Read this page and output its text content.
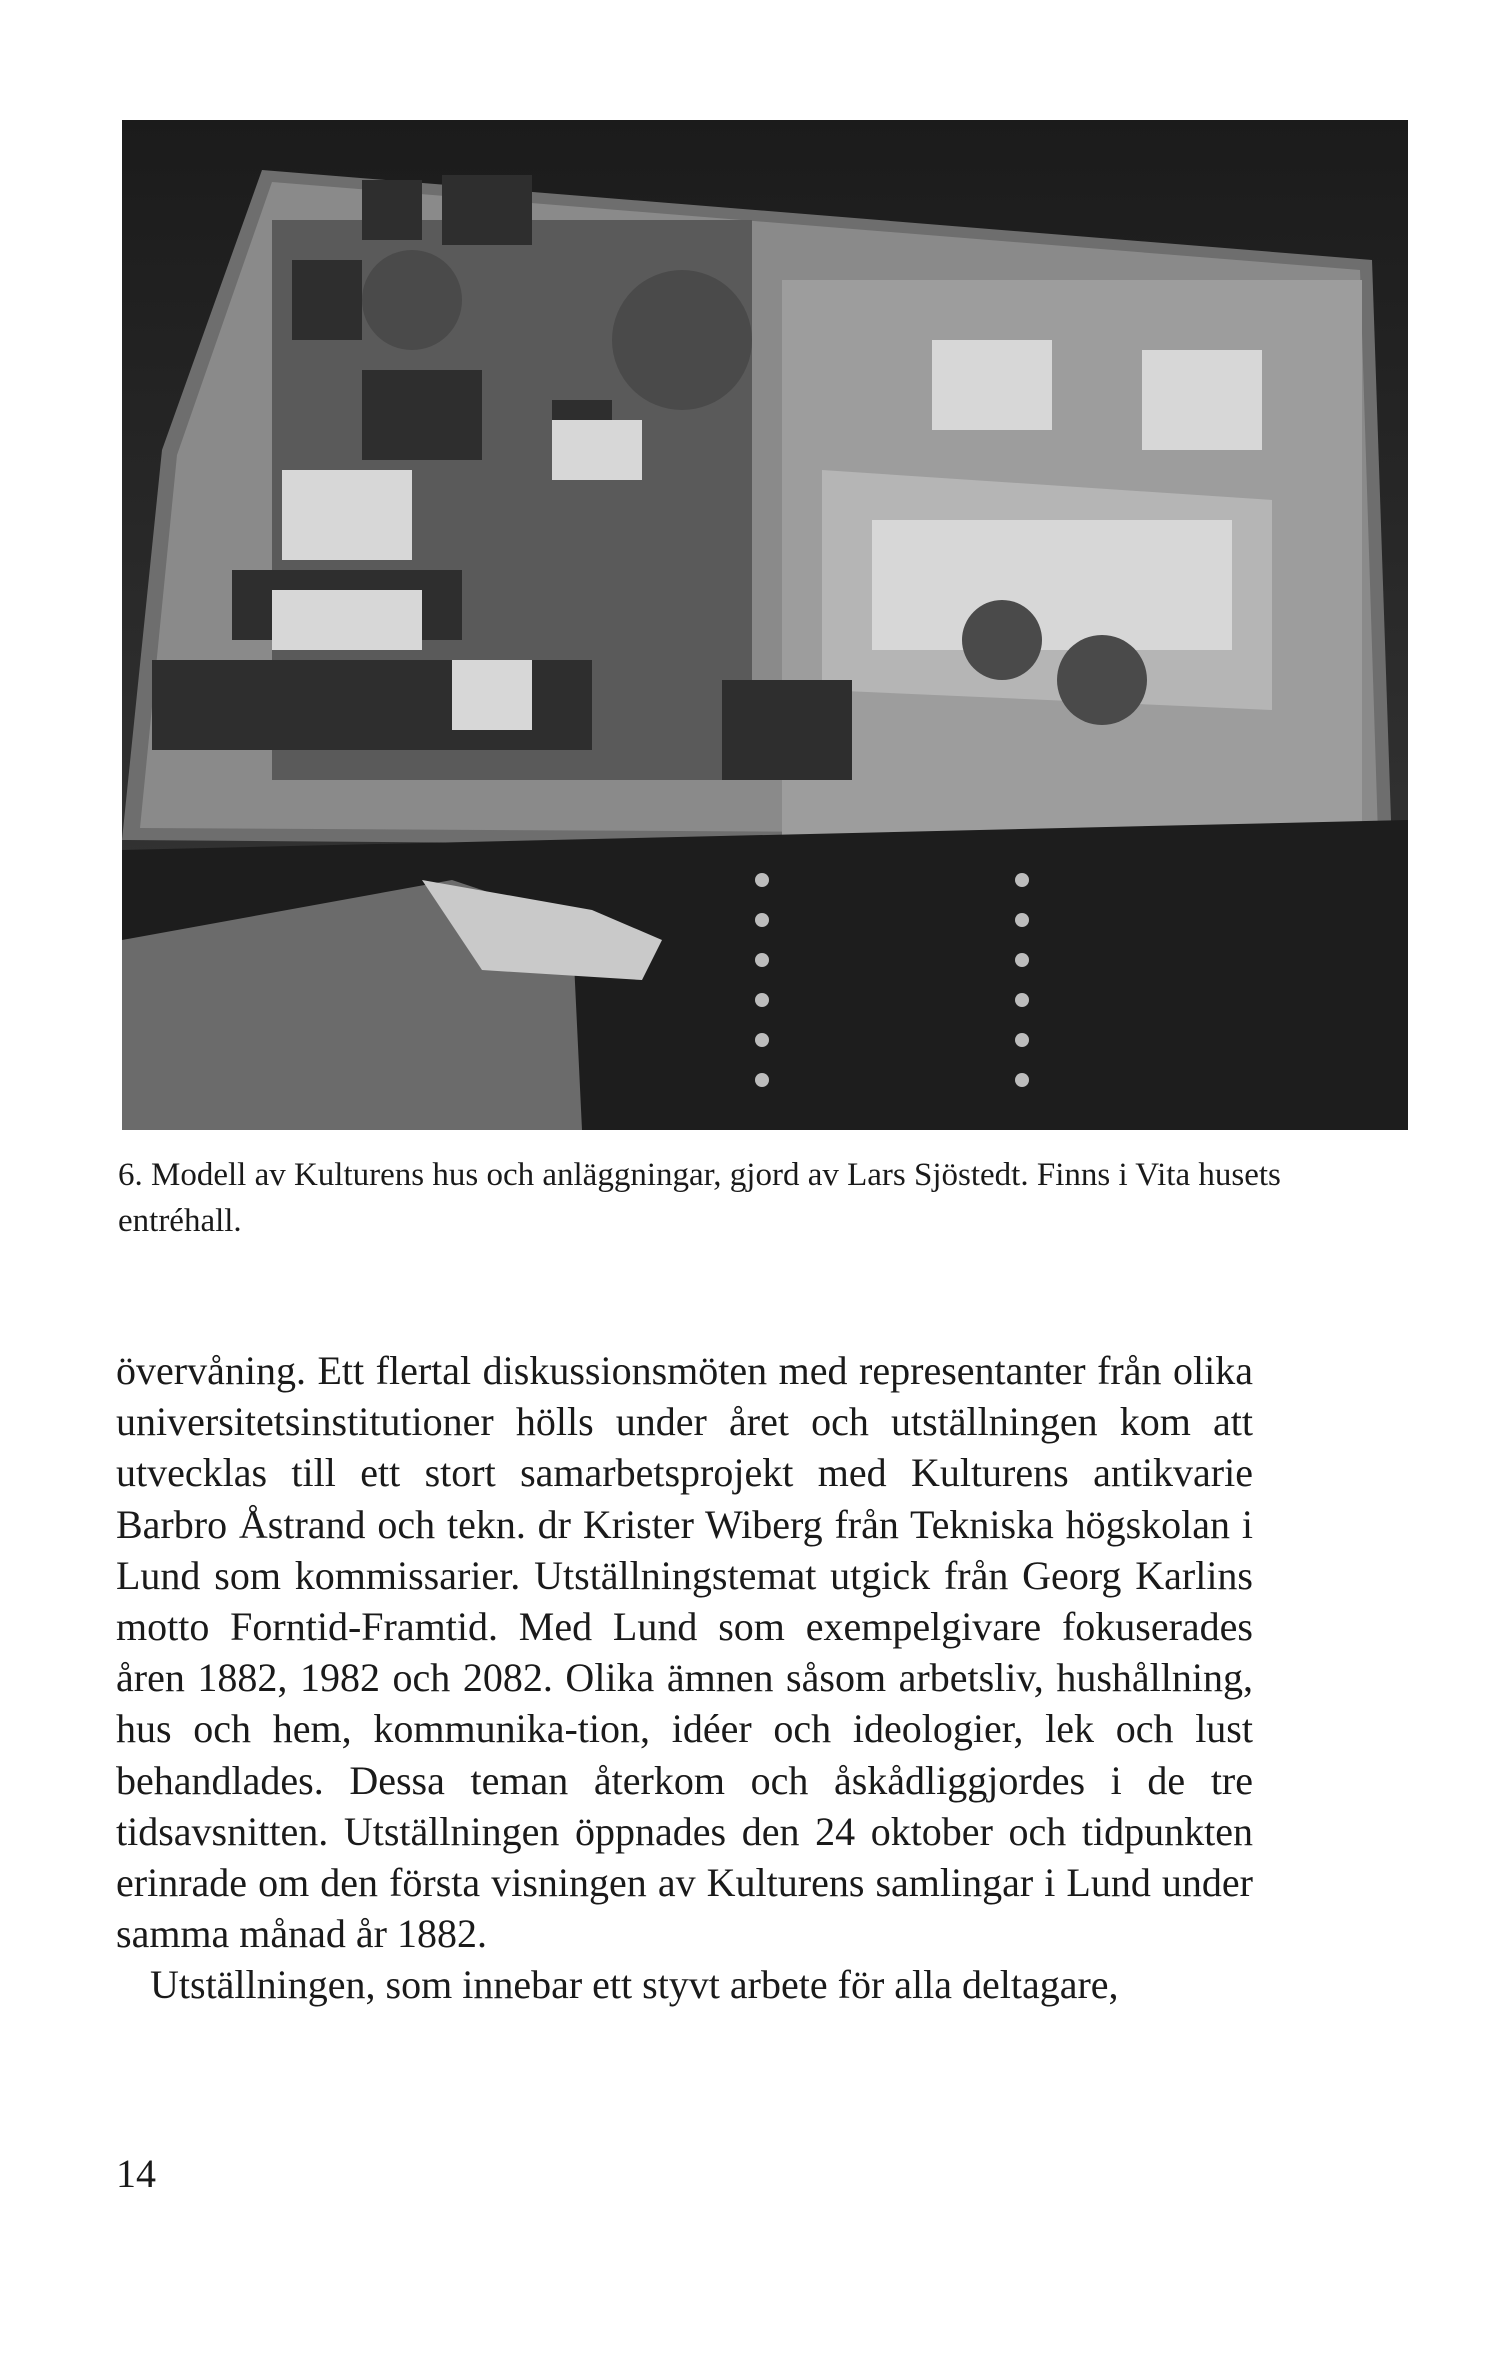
6. Modell av Kulturens hus och anläggningar, gjord av Lars Sjöstedt. Finns i Vita husets entréhall.

övervåning. Ett flertal diskussionsmöten med representanter från olika universitetsinstitutioner hölls under året och utställningen kom att utvecklas till ett stort samarbetsprojekt med Kulturens antikvarie Barbro Åstrand och tekn. dr Krister Wiberg från Tekniska högskolan i Lund som kommissarier. Utställningstemat utgick från Georg Karlins motto Forntid-Framtid. Med Lund som exempelgivare fokuserades åren 1882, 1982 och 2082. Olika ämnen såsom arbetsliv, hushållning, hus och hem, kommunika-tion, idéer och ideologier, lek och lust behandlades. Dessa teman återkom och åskådliggjordes i de tre tidsavsnitten. Utställningen öppnades den 24 oktober och tidpunkten erinrade om den första visningen av Kulturens samlingar i Lund under samma månad år 1882.

Utställningen, som innebar ett styvt arbete för alla deltagare,

14
